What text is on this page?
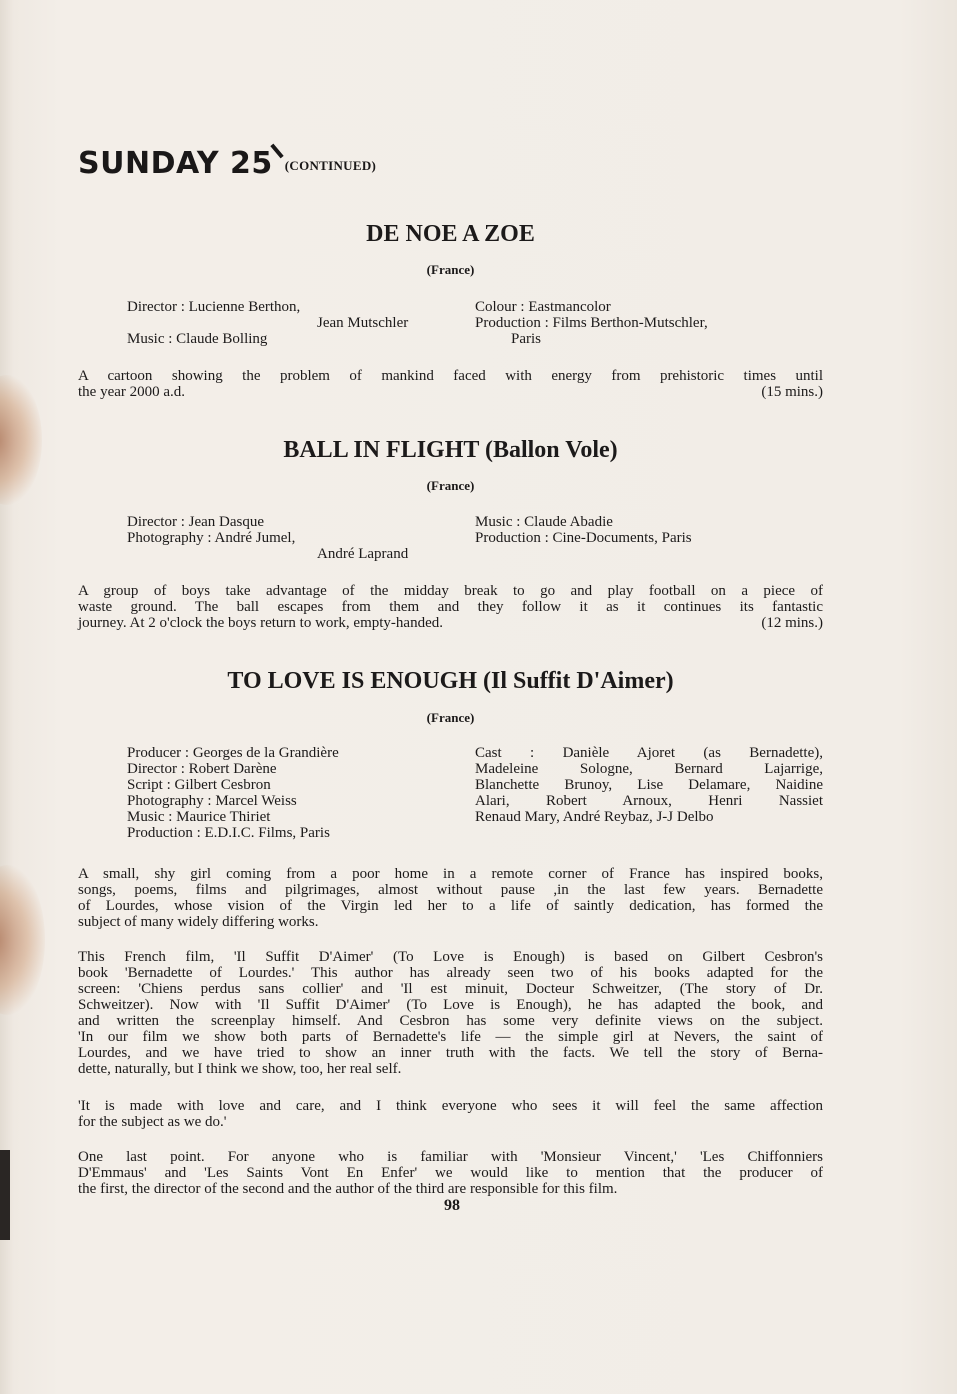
SUNDAY 25 (CONTINUED)
DE NOE A ZOE
(France)
Director : Lucienne Berthon,
Jean Mutschler
Music : Claude Bolling
Colour : Eastmancolor
Production : Films Berthon-Mutschler,
Paris
A cartoon showing the problem of mankind faced with energy from prehistoric times until
the year 2000 a.d.	(15 mins.)
BALL IN FLIGHT (Ballon Vole)
(France)
Director : Jean Dasque
Photography : André Jumel,
André Laprand
Music : Claude Abadie
Production : Cine-Documents, Paris
A group of boys take advantage of the midday break to go and play football on a piece of
waste ground. The ball escapes from them and they follow it as it continues its fantastic
journey. At 2 o'clock the boys return to work, empty-handed.	(12 mins.)
TO LOVE IS ENOUGH (Il Suffit D'Aimer)
(France)
Producer : Georges de la Grandière
Director : Robert Darène
Script : Gilbert Cesbron
Photography : Marcel Weiss
Music : Maurice Thiriet
Production : E.D.I.C. Films, Paris
Cast : Danièle Ajoret (as Bernadette),
Madeleine Sologne, Bernard Lajarrige,
Blanchette Brunoy, Lise Delamare, Naidine
Alari, Robert Arnoux, Henri Nassiet
Renaud Mary, André Reybaz, J-J Delbo
A small, shy girl coming from a poor home in a remote corner of France has inspired books,
songs, poems, films and pilgrimages, almost without pause ,in the last few years. Bernadette
of Lourdes, whose vision of the Virgin led her to a life of saintly dedication, has formed the
subject of many widely differing works.
This French film, 'Il Suffit D'Aimer' (To Love is Enough) is based on Gilbert Cesbron's
book 'Bernadette of Lourdes.' This author has already seen two of his books adapted for the
screen: 'Chiens perdus sans collier' and 'Il est minuit, Docteur Schweitzer, (The story of Dr.
Schweitzer). Now with 'Il Suffit D'Aimer' (To Love is Enough), he has adapted the book, and
and written the screenplay himself. And Cesbron has some very definite views on the subject.
'In our film we show both parts of Bernadette's life — the simple girl at Nevers, the saint of
Lourdes, and we have tried to show an inner truth with the facts. We tell the story of Berna-
dette, naturally, but I think we show, too, her real self.
'It is made with love and care, and I think everyone who sees it will feel the same affection
for the subject as we do.'
One last point. For anyone who is familiar with 'Monsieur Vincent,' 'Les Chiffonniers
D'Emmaus' and 'Les Saints Vont En Enfer' we would like to mention that the producer of
the first, the director of the second and the author of the third are responsible for this film.
98
